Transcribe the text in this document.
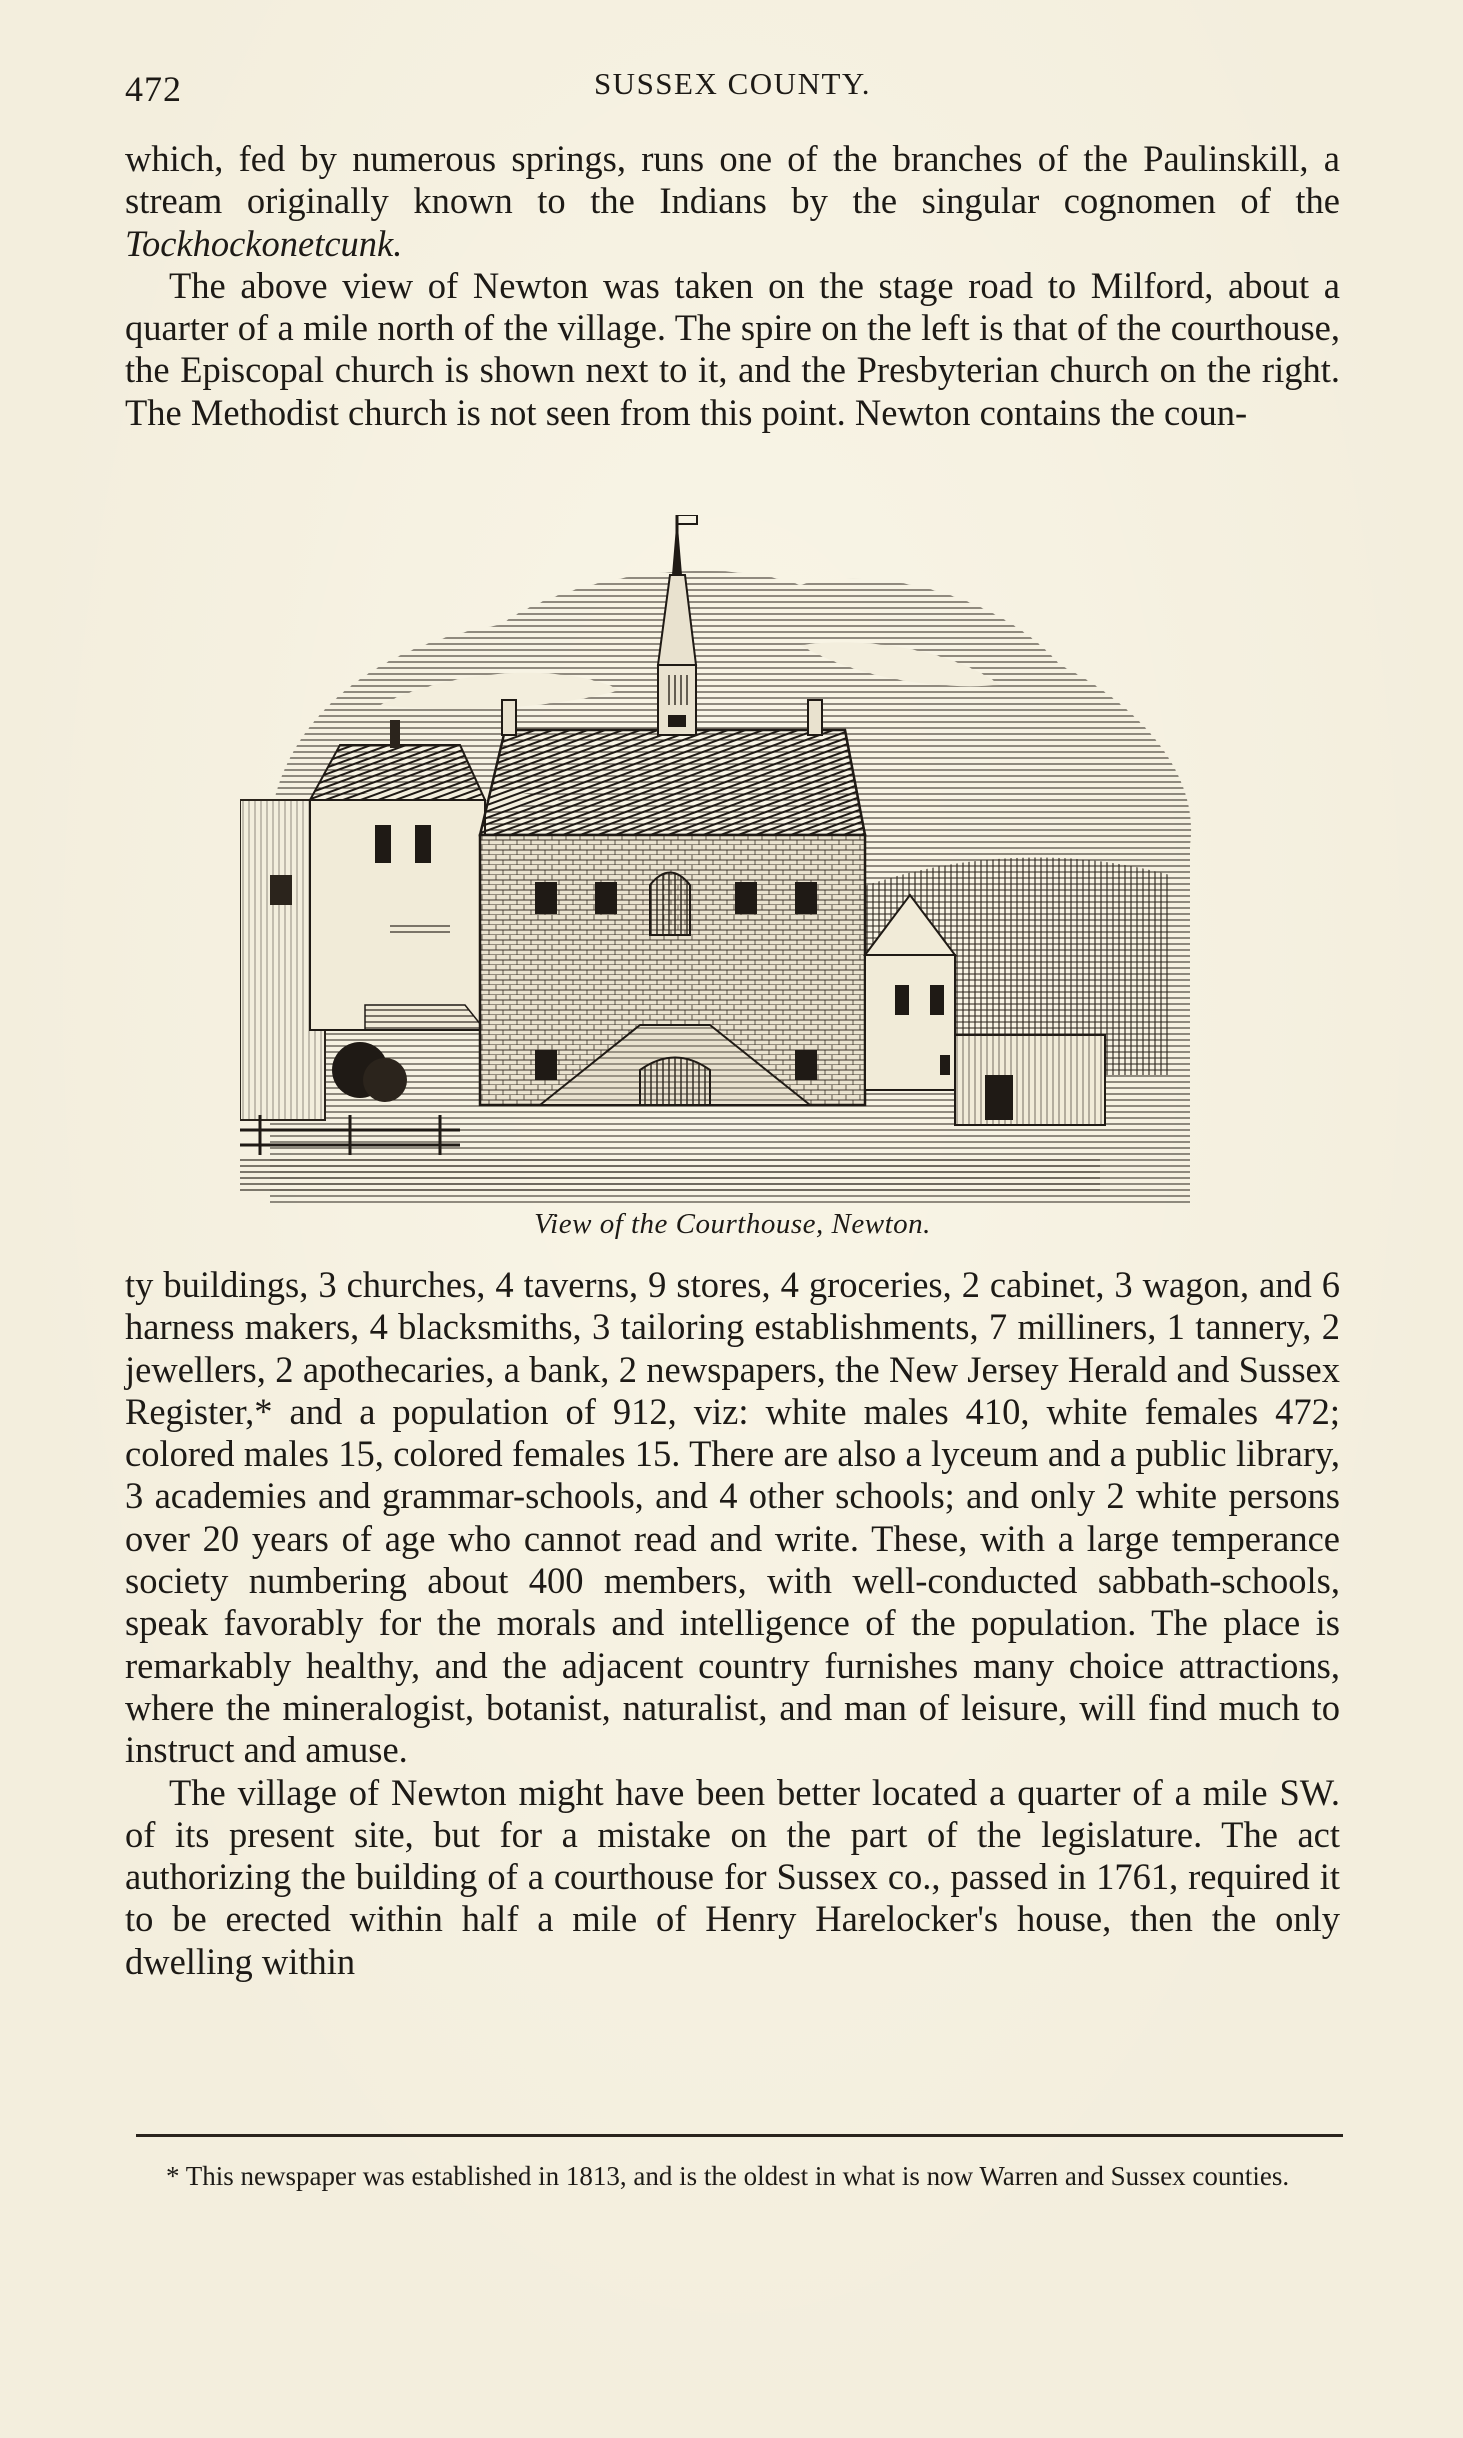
472	SUSSEX COUNTY.

which, fed by numerous springs, runs one of the branches of the Paulinskill, a stream originally known to the Indians by the singular cognomen of the Tockhockonetcunk.

The above view of Newton was taken on the stage road to Milford, about a quarter of a mile north of the village. The spire on the left is that of the courthouse, the Episcopal church is shown next to it, and the Presbyterian church on the right. The Methodist church is not seen from this point. Newton contains the coun-

View of the Courthouse, Newton.

ty buildings, 3 churches, 4 taverns, 9 stores, 4 groceries, 2 cabinet, 3 wagon, and 6 harness makers, 4 blacksmiths, 3 tailoring establishments, 7 milliners, 1 tannery, 2 jewellers, 2 apothecaries, a bank, 2 newspapers, the New Jersey Herald and Sussex Register,* and a population of 912, viz: white males 410, white females 472; colored males 15, colored females 15. There are also a lyceum and a public library, 3 academies and grammar-schools, and 4 other schools; and only 2 white persons over 20 years of age who cannot read and write. These, with a large temperance society numbering about 400 members, with well-conducted sabbath-schools, speak favorably for the morals and intelligence of the population. The place is remarkably healthy, and the adjacent country furnishes many choice attractions, where the mineralogist, botanist, naturalist, and man of leisure, will find much to instruct and amuse.

The village of Newton might have been better located a quarter of a mile SW. of its present site, but for a mistake on the part of the legislature. The act authorizing the building of a courthouse for Sussex co., passed in 1761, required it to be erected within half a mile of Henry Harelocker's house, then the only dwelling within

* This newspaper was established in 1813, and is the oldest in what is now Warren and Sussex counties.
